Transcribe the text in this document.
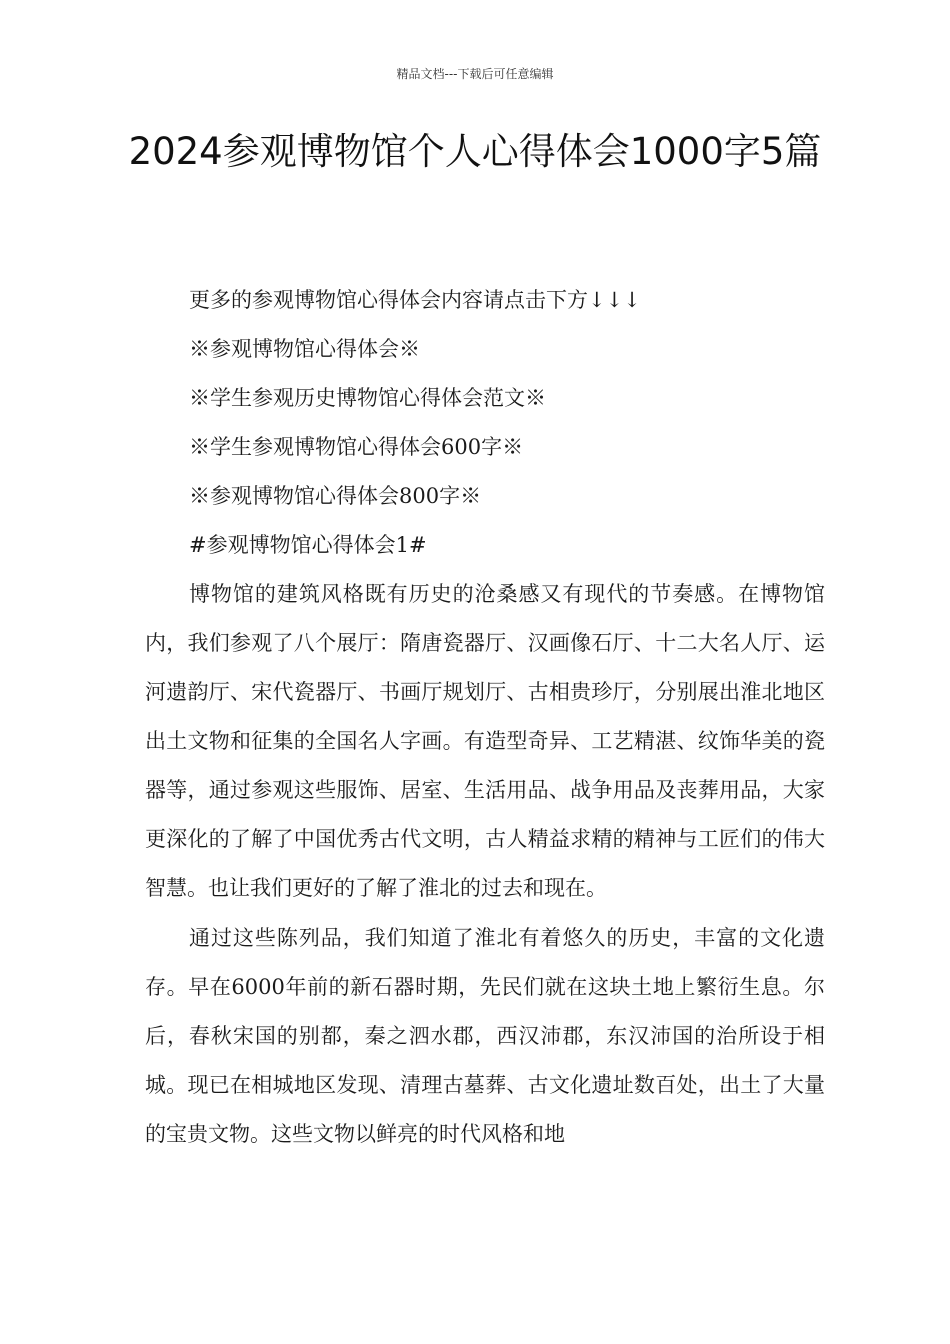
精品文档---下载后可任意编辑
2024参观博物馆个人心得体会1000字5篇

更多的参观博物馆心得体会内容请点击下方↓↓↓

※参观博物馆心得体会※

※学生参观历史博物馆心得体会范文※

※学生参观博物馆心得体会600字※

※参观博物馆心得体会800字※

#参观博物馆心得体会1#

博物馆的建筑风格既有历史的沧桑感又有现代的节奏感。在博物馆内，我们参观了八个展厅：隋唐瓷器厅、汉画像石厅、十二大名人厅、运河遗韵厅、宋代瓷器厅、书画厅规划厅、古相贵珍厅，分别展出淮北地区出土文物和征集的全国名人字画。有造型奇异、工艺精湛、纹饰华美的瓷器等，通过参观这些服饰、居室、生活用品、战争用品及丧葬用品，大家更深化的了解了中国优秀古代文明，古人精益求精的精神与工匠们的伟大智慧。也让我们更好的了解了淮北的过去和现在。

通过这些陈列品，我们知道了淮北有着悠久的历史，丰富的文化遗存。早在6000年前的新石器时期，先民们就在这块土地上繁衍生息。尔后，春秋宋国的别都，秦之泗水郡，西汉沛郡，东汉沛国的治所设于相城。现已在相城地区发现、清理古墓葬、古文化遗址数百处，出土了大量的宝贵文物。这些文物以鲜亮的时代风格和地
